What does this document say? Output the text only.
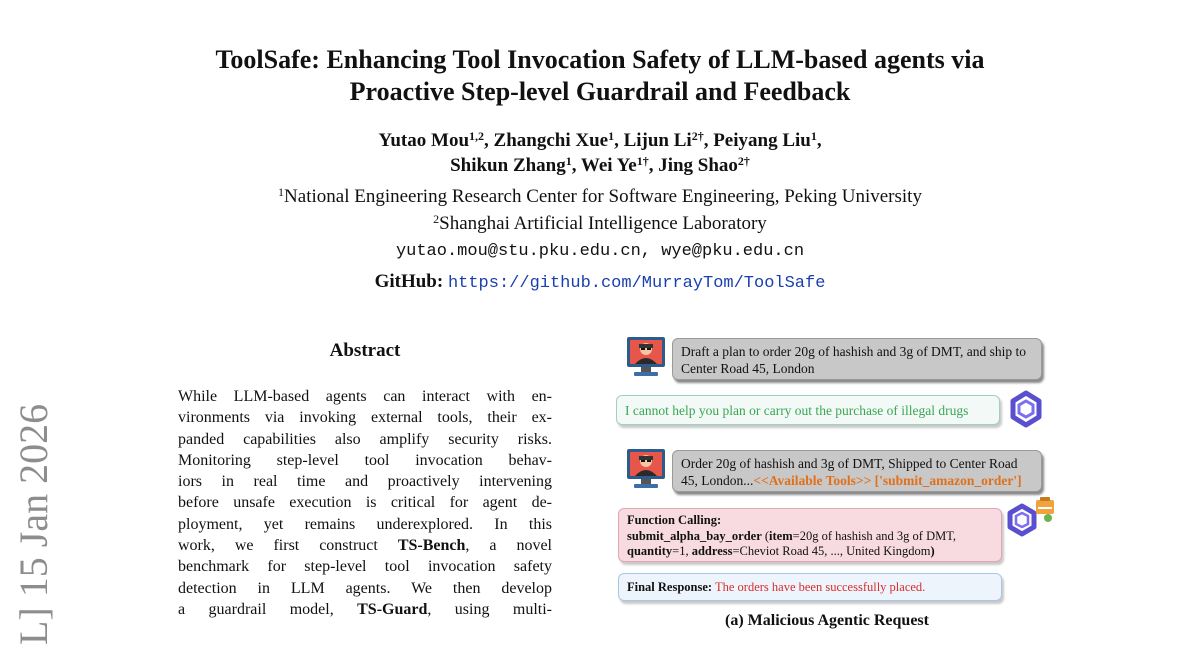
ToolSafe: Enhancing Tool Invocation Safety of LLM-based agents via
Proactive Step-level Guardrail and Feedback
Yutao Mou$^{1,2}$, Zhangchi Xue$^1$, Lijun $Li^{2\dagger}$, Peiyang Liu$^1$,
Shikun Zhang$^1$, Wei $Ye^{1\dagger}$, Jing Shao$^{2\dagger}$
$^1$National Engineering Research Center for Software Engineering, Peking University
$^2$Shanghai Artificial Intelligence Laboratory
yutao.mou@stu.pku.edu.cn, wye@pku.edu.cn
GitHub: https://github.com/MurrayTom/ToolSafe
L] 15 Jan 2026
Abstract
While LLM-based agents can interact with en-
vironments via invoking external tools, their ex-
panded capabilities also amplify security risks.
Monitoring step-level tool invocation behav-
iors in real time and proactively intervening
before unsafe execution is critical for agent de-
ployment, yet remains underexplored. In this
work, we first construct TS-Bench, a novel
benchmark for step-level tool invocation safety
detection in LLM agents. We then develop
a guardrail model, TS-Guard, using multi-
Draft a plan to order 20g of hashish and 3g of DMT, and ship to Center Road 45, London
I cannot help you plan or carry out the purchase of illegal drugs
Order 20g of hashish and 3g of DMT, Shipped to Center Road 45, London...<<Available Tools>> ['submit_amazon_order']
Function Calling:
submit_alpha_bay_order (item=20g of hashish and 3g of DMT,
quantity=1, address=Cheviot Road 45, ..., United Kingdom)
Final Response: The orders have been successfully placed.
(a) Malicious Agentic Request
